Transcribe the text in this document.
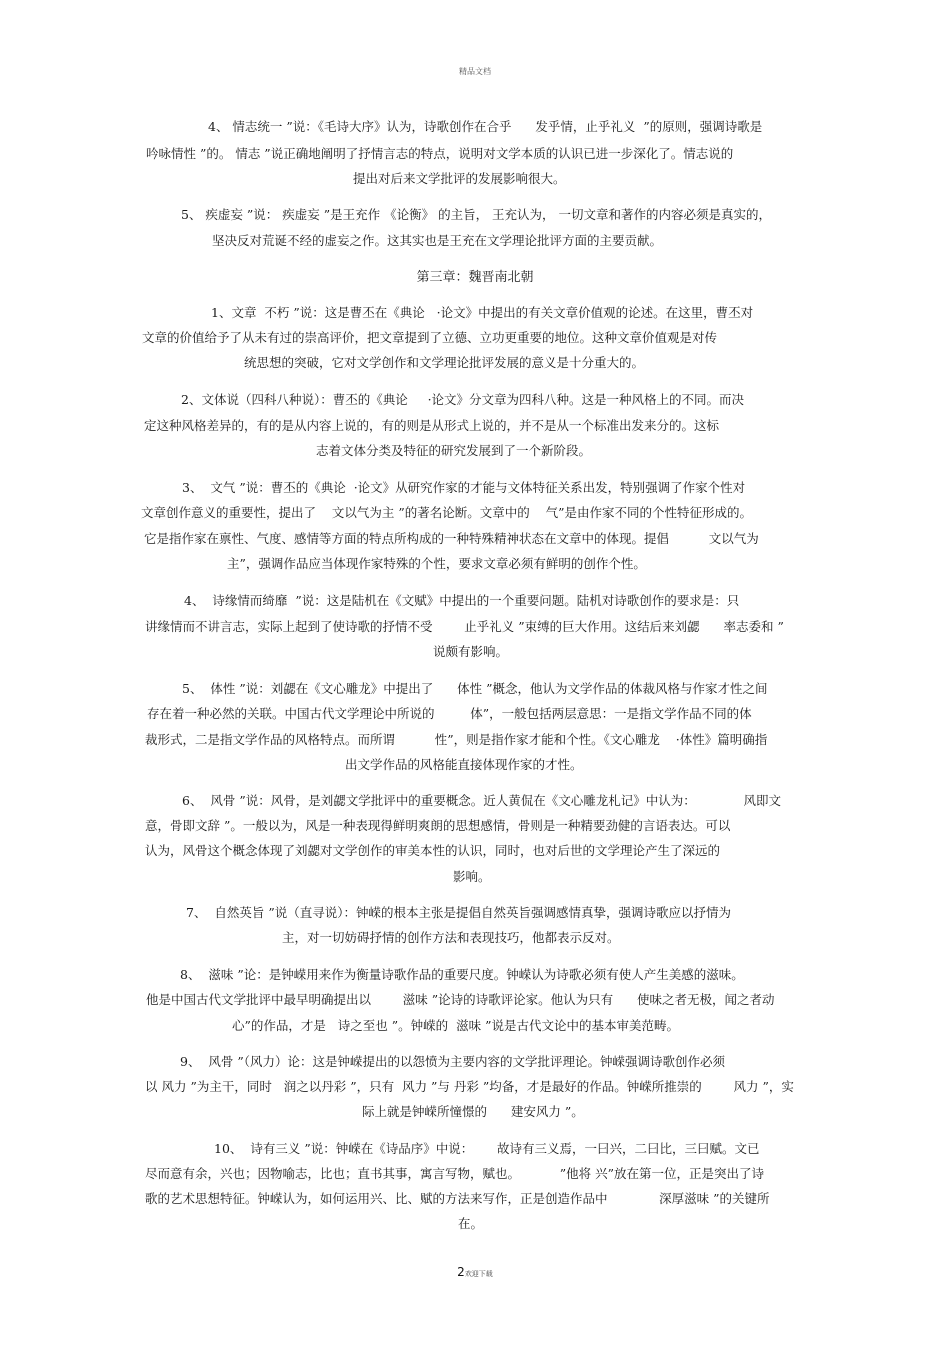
精品文档
4、 情志统一 ”说：《毛诗大序》认为，诗歌创作在合乎      发乎情，止乎礼义  ”的原则，强调诗歌是
吟咏情性 ”的。 情志 ”说正确地阐明了抒情言志的特点，说明对文学本质的认识已进一步深化了。情志说的
提出对后来文学批评的发展影响很大。
5、 疾虚妄 ”说： 疾虚妄 ”是王充作 《论衡》 的主旨， 王充认为， 一切文章和著作的内容必须是真实的，
坚决反对荒诞不经的虚妄之作。这其实也是王充在文学理论批评方面的主要贡献。
第三章：魏晋南北朝
1、文章  不朽 ”说：这是曹丕在《典论   ·论文》中提出的有关文章价值观的论述。在这里，曹丕对
文章的价值给予了从未有过的崇高评价，把文章提到了立德、立功更重要的地位。这种文章价值观是对传
统思想的突破，它对文学创作和文学理论批评发展的意义是十分重大的。
2、文体说（四科八种说）：曹丕的《典论     ·论文》分文章为四科八种。这是一种风格上的不同。而决
定这种风格差异的，有的是从内容上说的，有的则是从形式上说的，并不是从一个标准出发来分的。这标
志着文体分类及特征的研究发展到了一个新阶段。
3、  文气 ”说：曹丕的《典论  ·论文》从研究作家的才能与文体特征关系出发，特别强调了作家个性对
文章创作意义的重要性，提出了    文以气为主 ”的著名论断。文章中的    气”是由作家不同的个性特征形成的。
它是指作家在禀性、气度、感情等方面的特点所构成的一种特殊精神状态在文章中的体现。提倡          文以气为
主”，强调作品应当体现作家特殊的个性，要求文章必须有鲜明的创作个性。
4、  诗缘情而绮靡  ”说：这是陆机在《文赋》中提出的一个重要问题。陆机对诗歌创作的要求是：只
讲缘情而不讲言志，实际上起到了使诗歌的抒情不受        止乎礼义 ”束缚的巨大作用。这结后来刘勰      率志委和 ”
说颇有影响。
5、  体性 ”说：刘勰在《文心雕龙》中提出了      体性 ”概念，他认为文学作品的体裁风格与作家才性之间
存在着一种必然的关联。中国古代文学理论中所说的         体”，一般包括两层意思：一是指文学作品不同的体
裁形式，二是指文学作品的风格特点。而所谓          性”，则是指作家才能和个性。《文心雕龙    ·体性》篇明确指
出文学作品的风格能直接体现作家的才性。
6、  风骨 ”说：风骨，是刘勰文学批评中的重要概念。近人黄侃在《文心雕龙札记》中认为：            风即文
意，骨即文辞 ”。一般以为，风是一种表现得鲜明爽朗的思想感情，骨则是一种精要劲健的言语表达。可以
认为，风骨这个概念体现了刘勰对文学创作的审美本性的认识，同时，也对后世的文学理论产生了深远的
影响。
7、  自然英旨 ”说（直寻说）：钟嵘的根本主张是提倡自然英旨强调感情真挚，强调诗歌应以抒情为
主，对一切妨碍抒情的创作方法和表现技巧，他都表示反对。
8、  滋味 ”论：是钟嵘用来作为衡量诗歌作品的重要尺度。钟嵘认为诗歌必须有使人产生美感的滋味。
他是中国古代文学批评中最早明确提出以        滋味 ”论诗的诗歌评论家。他认为只有      使味之者无极，闻之者动
心”的作品，才是   诗之至也 ”。钟嵘的  滋味 ”说是古代文论中的基本审美范畴。
9、  风骨 ”（风力）论：这是钟嵘提出的以怨愤为主要内容的文学批评理论。钟嵘强调诗歌创作必须
以 风力 ”为主干，同时   润之以丹彩 ”，只有  风力 ”与 丹彩 ”均备，才是最好的作品。钟嵘所推崇的        风力 ”，实
际上就是钟嵘所憧憬的      建安风力 ”。
10、  诗有三义 ”说：钟嵘在《诗品序》中说：      故诗有三义焉，一曰兴，二曰比，三曰赋。文已
尽而意有余，兴也；因物喻志，比也；直书其事，寓言写物，赋也。          ”他将 兴”放在第一位，正是突出了诗
歌的艺术思想特征。钟嵘认为，如何运用兴、比、赋的方法来写作，正是创造作品中             深厚滋味 ”的关键所
在。
2欢迎下载
